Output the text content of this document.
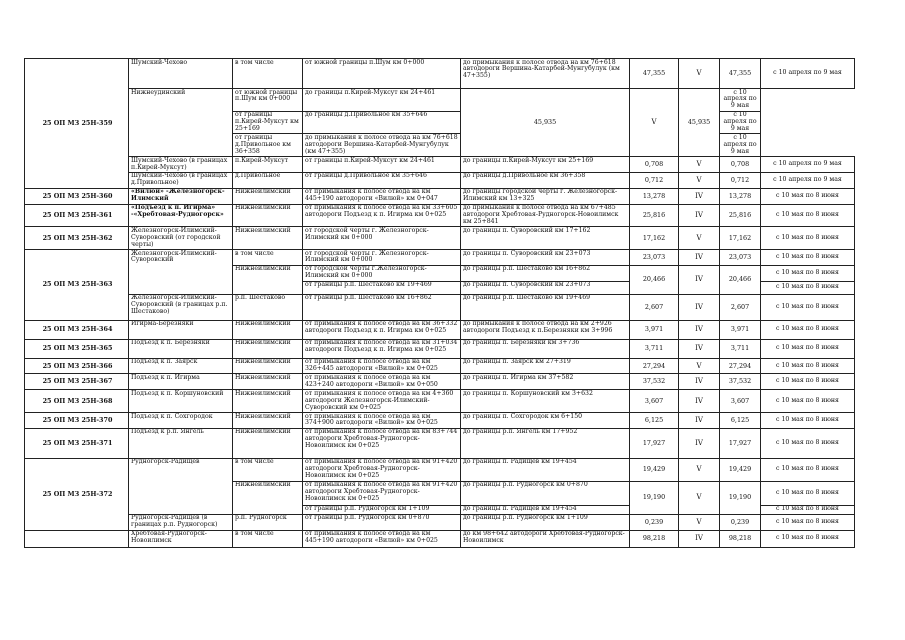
25 ОП МЗ 25Н-359	Шумский-Чехово	в том числе	от южной границы п.Шум км 0+000	до примыкания к полосе отвода на км 76+618 автодороги Вершина-Катарбей-Мунгубулук (км 47+355)	47,355	V	47,355	с 10 апреля по 9 мая
	Нижнеудинский	от южной границы п.Шум км 0+000	до границы п.Кирей-Муксут км 24+461	45,935	V	45,935	с 10 апреля по 9 мая	
		от границы п.Кирей-Муксут км 25+169	до границы д.Привольное км 35+646				с 10 апреля по 9 мая	
		от границы д.Привольное км 36+358	до примыкания к полосе отвода на км 76+618 автодороги Вершина-Катарбей-Мунгубулук (км 47+355)				с 10 апреля по 9 мая	
	Шумский-Чехово (в границах п.Кирей-Муксут)	п.Кирей-Муксут	от границы п.Кирей-Муксут км 24+461	до границы п.Кирей-Муксут км 25+169	0,708	V	0,708	с 10 апреля по 9 мая
	Шумский-Чехово (в границах д.Привольное)	д.Привольное	от границы д.Привольное км 35+646	до границы д.Привольное км 36+358	0,712	V	0,712	с 10 апреля по 9 мая
25 ОП МЗ 25Н-360	«Вилюй» -Железногорск-Илимский	Нижнеилимский	от примыкания к полосе отвода на км 445+190 автодороги «Вилюй» км 0+047	до границы городской черты г. Железногорск-Илимский км 13+325	13,278	IV	13,278	с 10 мая по 8 июня
25 ОП МЗ 25Н-361	«Подъезд к п. Игирма» -«Хребтовая-Рудногорск»	Нижнеилимский	от примыкания к полосе отвода на км 33+605 автодороги Подъезд к п. Игирма км 0+025	до примыкания к полосе отвода на км 67+485 автодороги Хребтовая-Рудногорск-Новоилимск км 25+841	25,816	IV	25,816	с 10 мая по 8 июня
25 ОП МЗ 25Н-362	Железногорск-Илимский-Суворовский (от городской черты)	Нижнеилимский	от городской черты г. Железногорск-Илимский км 0+000	до границы п. Суворовский км 17+162	17,162	V	17,162	с 10 мая по 8 июня
25 ОП МЗ 25Н-363	Железногорск-Илимский-Суворовский	в том числе	от городской черты г. Железногорск-Илимский км 0+000	до границы п. Суворовский км 23+073	23,073	IV	23,073	с 10 мая по 8 июня
		Нижнеилимский	от городской черты г.Железногорск-Илимский км 0+000	до границы р.п. Шестаково км 16+862	20,466	IV	20,466	с 10 мая по 8 июня
			от границы р.п. Шестаково км 19+469	до границы п. Суворовский км 23+073				с 10 мая по 8 июня
	Железногорск-Илимский-Суворовский (в границах р.п. Шестаково)	р.п. Шестаково	от границы р.п. Шестаково км 16+862	до границы р.п. Шестаково км 19+469	2,607	IV	2,607	с 10 мая по 8 июня
25 ОП МЗ 25Н-364	Игирма-Березняки	Нижнеилимский	от примыкания к полосе отвода на км 36+332 автодороги Подъезд к п. Игирма км 0+025	до примыкания к полосе отвода на км 2+926 автодороги Подъезд к п.Березняки км 3+996	3,971	IV	3,971	с 10 мая по 8 июня
25 ОП МЗ 25Н-365	Подъезд к п. Березняки	Нижнеилимский	от примыкания к полосе отвода на км 31+034 автодороги Подъезд к п. Игирма км 0+025	до границы п. Березняки км 3+736	3,711	IV	3,711	с 10 мая по 8 июня
25 ОП МЗ 25Н-366	Подъезд к п. Заярск	Нижнеилимский	от примыкания к полосе отвода на км 326+445 автодороги «Вилюй» км 0+025	до границы п. Заярск км 27+319	27,294	V	27,294	с 10 мая по 8 июня
25 ОП МЗ 25Н-367	Подъезд к п. Игирма	Нижнеилимский	от примыкания к полосе отвода на км 423+240 автодороги «Вилюй» км 0+050	до границы п. Игирма км 37+582	37,532	IV	37,532	с 10 мая по 8 июня
25 ОП МЗ 25Н-368	Подъезд к п. Коршуновский	Нижнеилимский	от примыкания к полосе отвода на км 4+360 автодороги Железногорск-Илимский-Суворовский км 0+025	до границы п. Коршуновский км 3+632	3,607	IV	3,607	с 10 мая по 8 июня
25 ОП МЗ 25Н-370	Подъезд к п. Сохгородок	Нижнеилимский	от примыкания к полосе отвода на км 374+900 автодороги «Вилюй» км 0+025	до границы п. Сохгородок км 6+150	6,125	IV	6,125	с 10 мая по 8 июня
25 ОП МЗ 25Н-371	Подъезд к р.п. Янгель	Нижнеилимский	от примыкания к полосе отвода на км 83+744 автодороги Хребтовая-Рудногорск-Новоилимск км 0+025	до границы р.п. Янгель км 17+952	17,927	IV	17,927	с 10 мая по 8 июня
25 ОП МЗ 25Н-372	Рудногорск-Радищев	в том числе	от примыкания к полосе отвода на км 91+420 автодороги Хребтовая-Рудногорск-Новоилимск км 0+025	до границы п. Радищев км 19+454	19,429	V	19,429	с 10 мая по 8 июня
		Нижнеилимский	от примыкания к полосе отвода на км 91+420 автодороги Хребтовая-Рудногорск-Новоилимск км 0+025	до границы р.п. Рудногорск км 0+870	19,190	V	19,190	с 10 мая по 8 июня
			от границы р.п. Рудногорск км 1+109	до границы п. Радищев км 19+454				с 10 мая по 8 июня
	Рудногорск-Радищев (в границах р.п. Рудногорск)	р.п. Рудногорск	от границы р.п. Рудногорск км 0+870	до границы р.п. Рудногорск км 1+109	0,239	V	0,239	с 10 мая по 8 июня
	Хребтовая-Рудногорск-Новоилимск	в том числе	от примыкания к полосе отвода на км 445+190 автодороги «Вилюй» км 0+025	до км 98+642 автодороги Хребтовая-Рудногорск-Новоилимск	98,218	IV	98,218	с 10 мая по 8 июня
